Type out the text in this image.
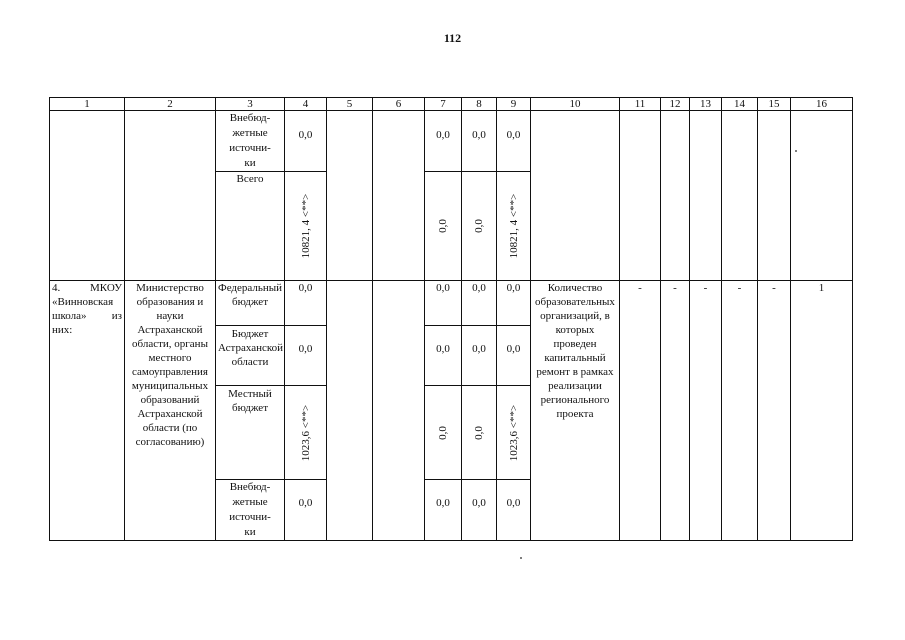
112
1	2	3	4	5	6	7	8	9	10	11	12	13	14	15	16
		Внебюд-
жетные
источни-
ки	0,0			0,0	0,0	0,0							
		Всего	10821, 4 <**>			0,0	0,0	10821, 4 <**>							

4. МКОУ «Винновская школа» из них:	Министерство образования и науки Астраханской области, органы местного самоуправления муниципальных образований Астраханской области (по согласованию)	Федеральный бюджет	0,0			0,0	0,0	0,0	Количество образовательных организаций, в которых проведен капитальный ремонт в рамках реализации регионального проекта	-	-	-	-	-	1
		Бюджет Астраханской области	0,0			0,0	0,0	0,0							
		Местный бюджет	1023,6 <**>			0,0	0,0	1023,6 <**>							

		Внебюд-
жетные
источни-
ки	0,0			0,0	0,0	0,0							
